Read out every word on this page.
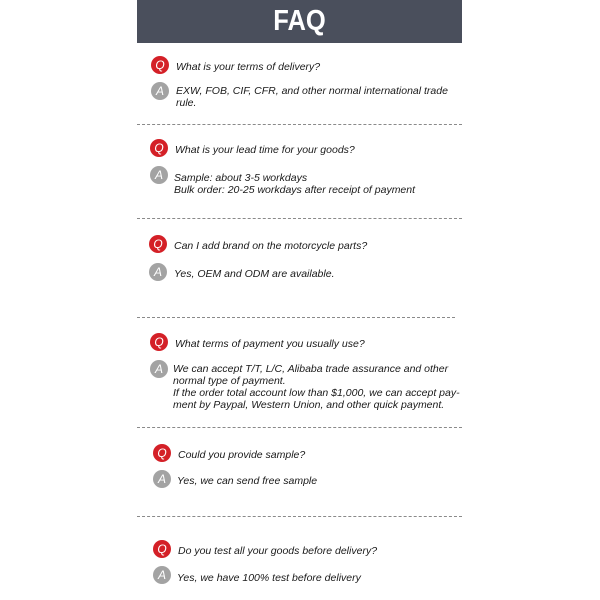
FAQ
Q	What is your terms of delivery?
A	EXW, FOB, CIF, CFR, and other normal international trade
rule.
Q	What is your lead time for your goods?
A	Sample: about 3-5 workdays
Bulk order: 20-25 workdays after receipt of payment
Q	Can I add brand on the motorcycle parts?
A	Yes, OEM and ODM are available.
Q	What terms of payment you usually use?
A We can accept T/T, L/C, Alibaba trade assurance and other
normal type of payment.
If the order total account low than $1,000, we can accept pay-
ment by Paypal, Western Union, and other quick payment.
Q	Could you provide sample?
A	Yes, we can send free sample
Q	Do you test all your goods before delivery?
A	Yes, we have 100% test before delivery
